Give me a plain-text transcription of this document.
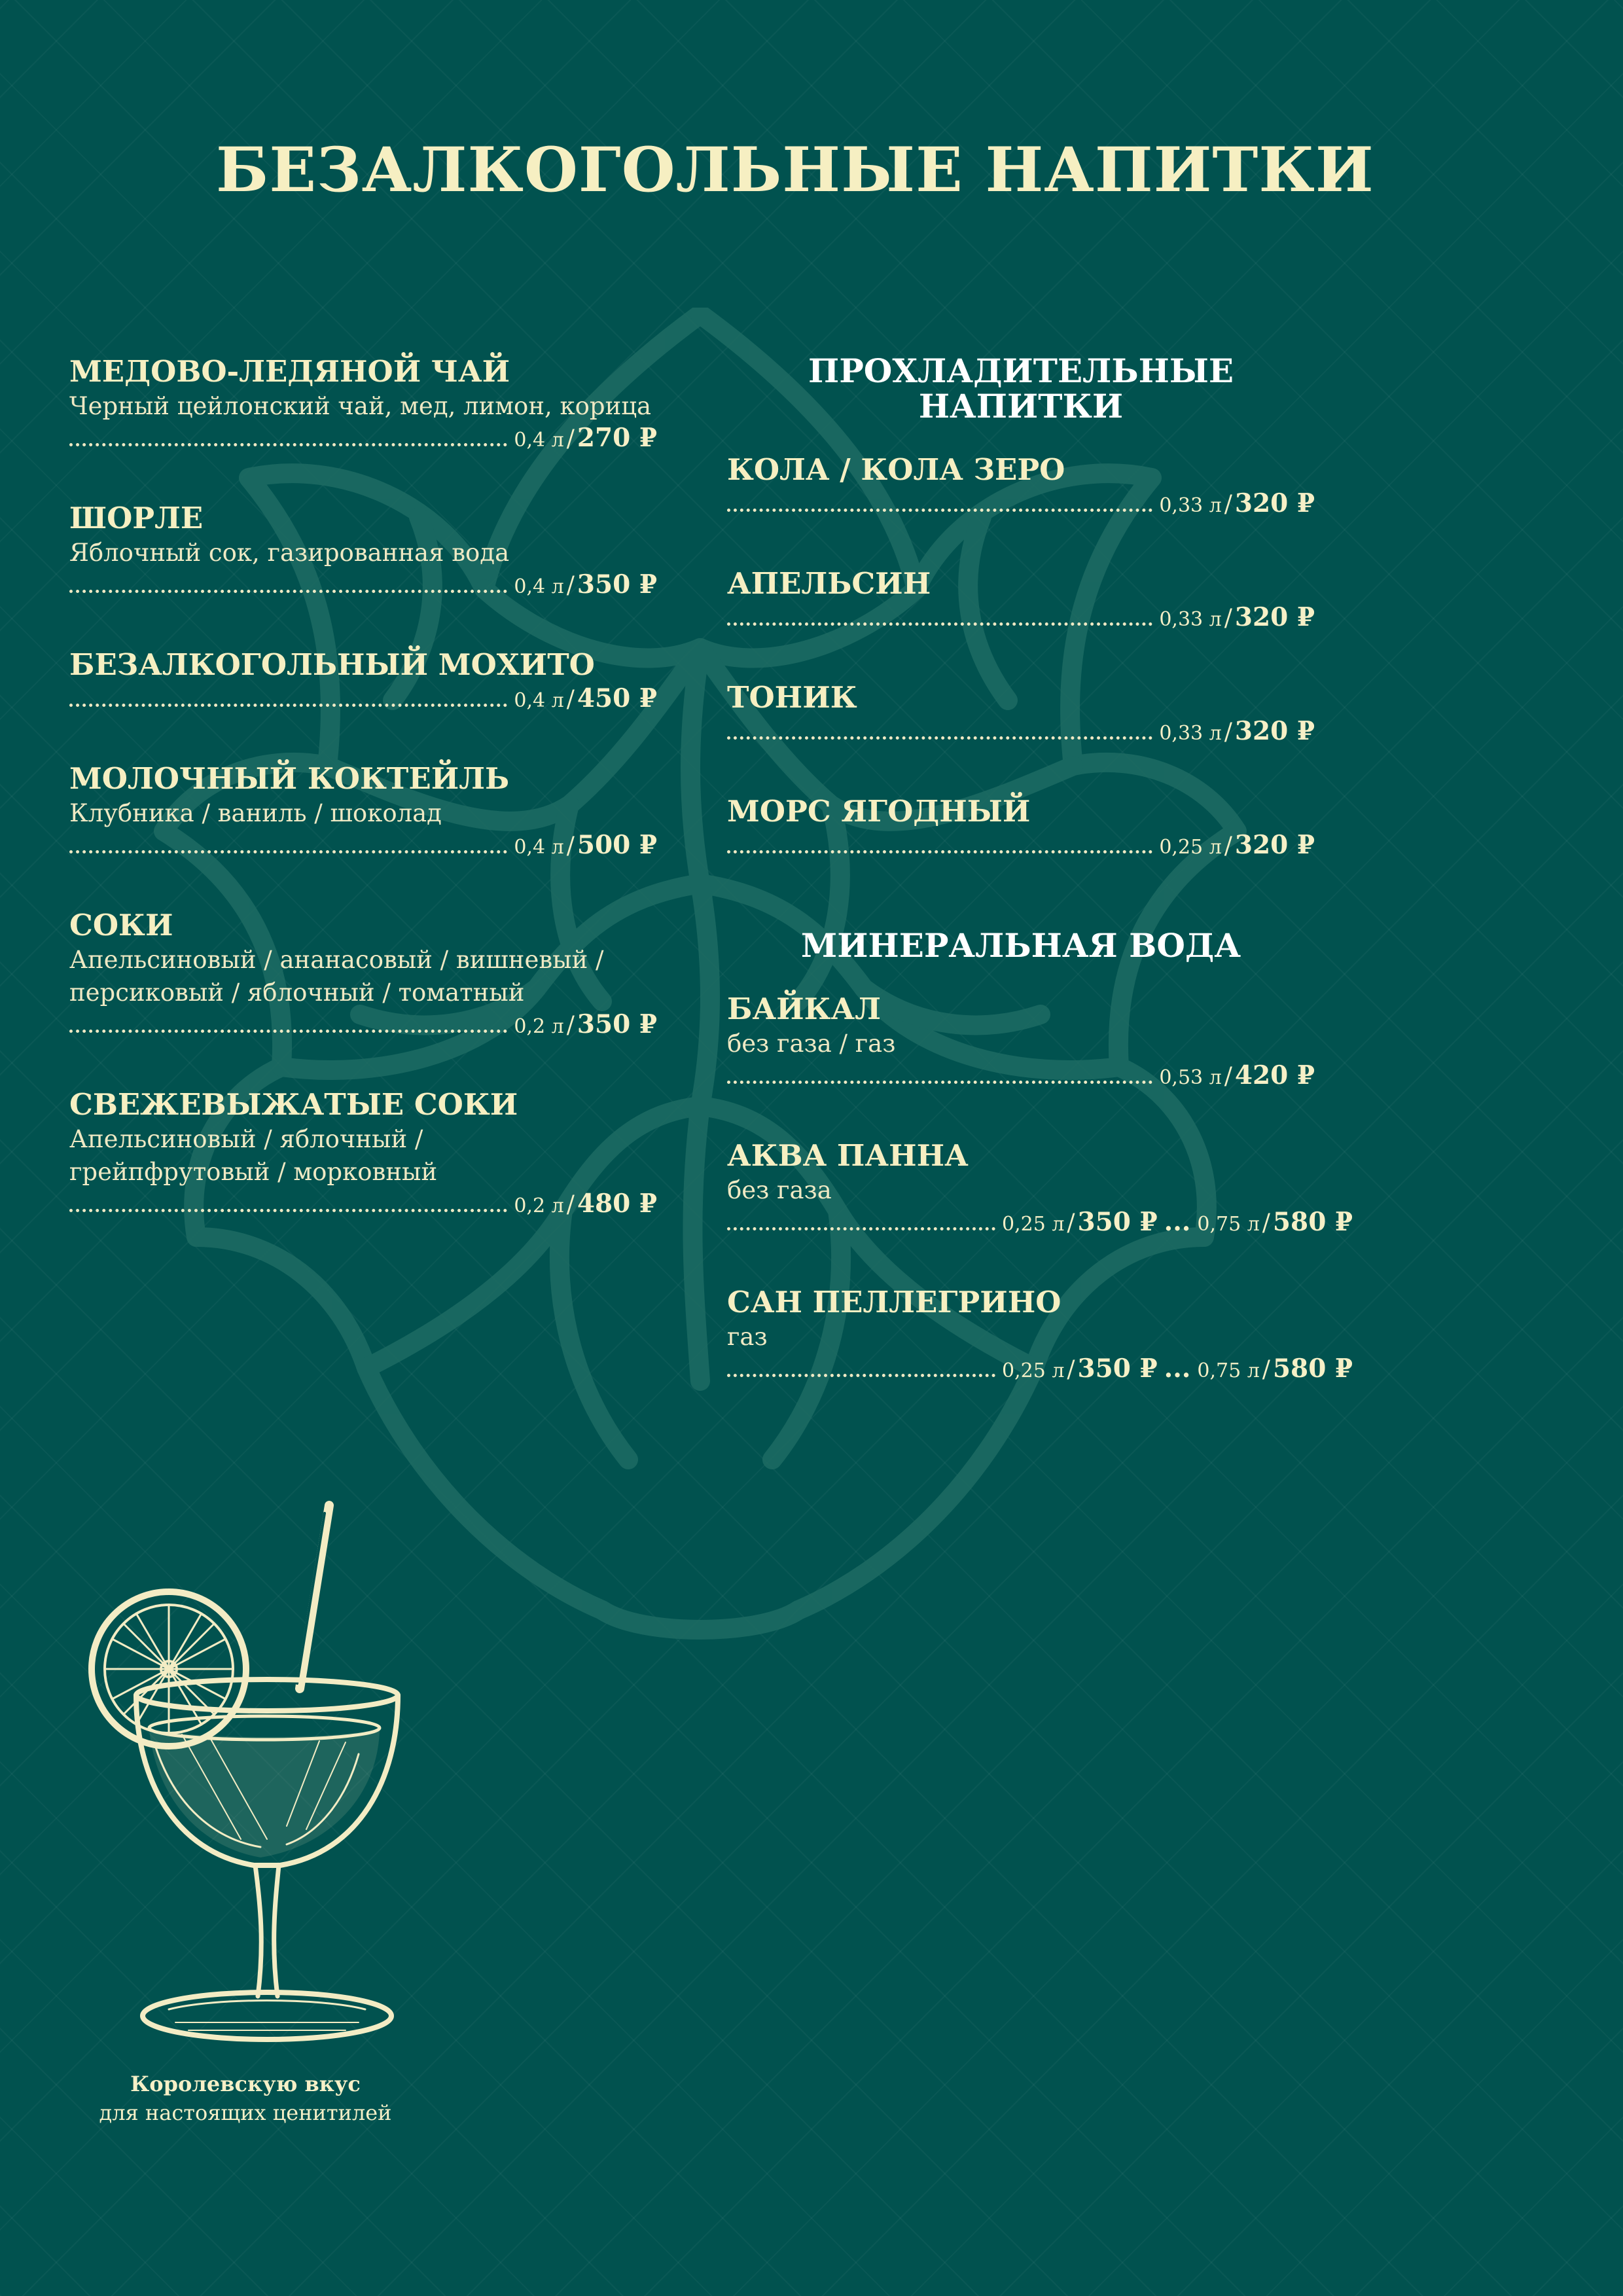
БЕЗАЛКОГОЛЬНЫЕ НАПИТКИ
МЕДОВО-ЛЕДЯНОЙ ЧАЙ
Черный цейлонский чай, мед, лимон, корица
0,4 л / 270 ₽
ШОРЛЕ
Яблочный сок, газированная вода
0,4 л / 350 ₽
БЕЗАЛКОГОЛЬНЫЙ МОХИТО
0,4 л / 450 ₽
МОЛОЧНЫЙ КОКТЕЙЛЬ
Клубника / ваниль / шоколад
0,4 л / 500 ₽
СОКИ
Апельсиновый / ананасовый / вишневый /
персиковый / яблочный / томатный
0,2 л / 350 ₽
СВЕЖЕВЫЖАТЫЕ СОКИ
Апельсиновый / яблочный /
грейпфрутовый / морковный
0,2 л / 480 ₽
ПРОХЛАДИТЕЛЬНЫЕ
НАПИТКИ
КОЛА / КОЛА ЗЕРО
0,33 л / 320 ₽
АПЕЛЬСИН
0,33 л / 320 ₽
ТОНИК
0,33 л / 320 ₽
МОРС ЯГОДНЫЙ
0,25 л / 320 ₽
МИНЕРАЛЬНАЯ ВОДА
БАЙКАЛ
без газа / газ
0,53 л / 420 ₽
АКВА ПАННА
без газа
0,25 л / 350 ₽ ... 0,75 л / 580 ₽
САН ПЕЛЛЕГРИНО
газ
0,25 л / 350 ₽ ... 0,75 л / 580 ₽
Королевскую вкус
для настоящих ценитилей
